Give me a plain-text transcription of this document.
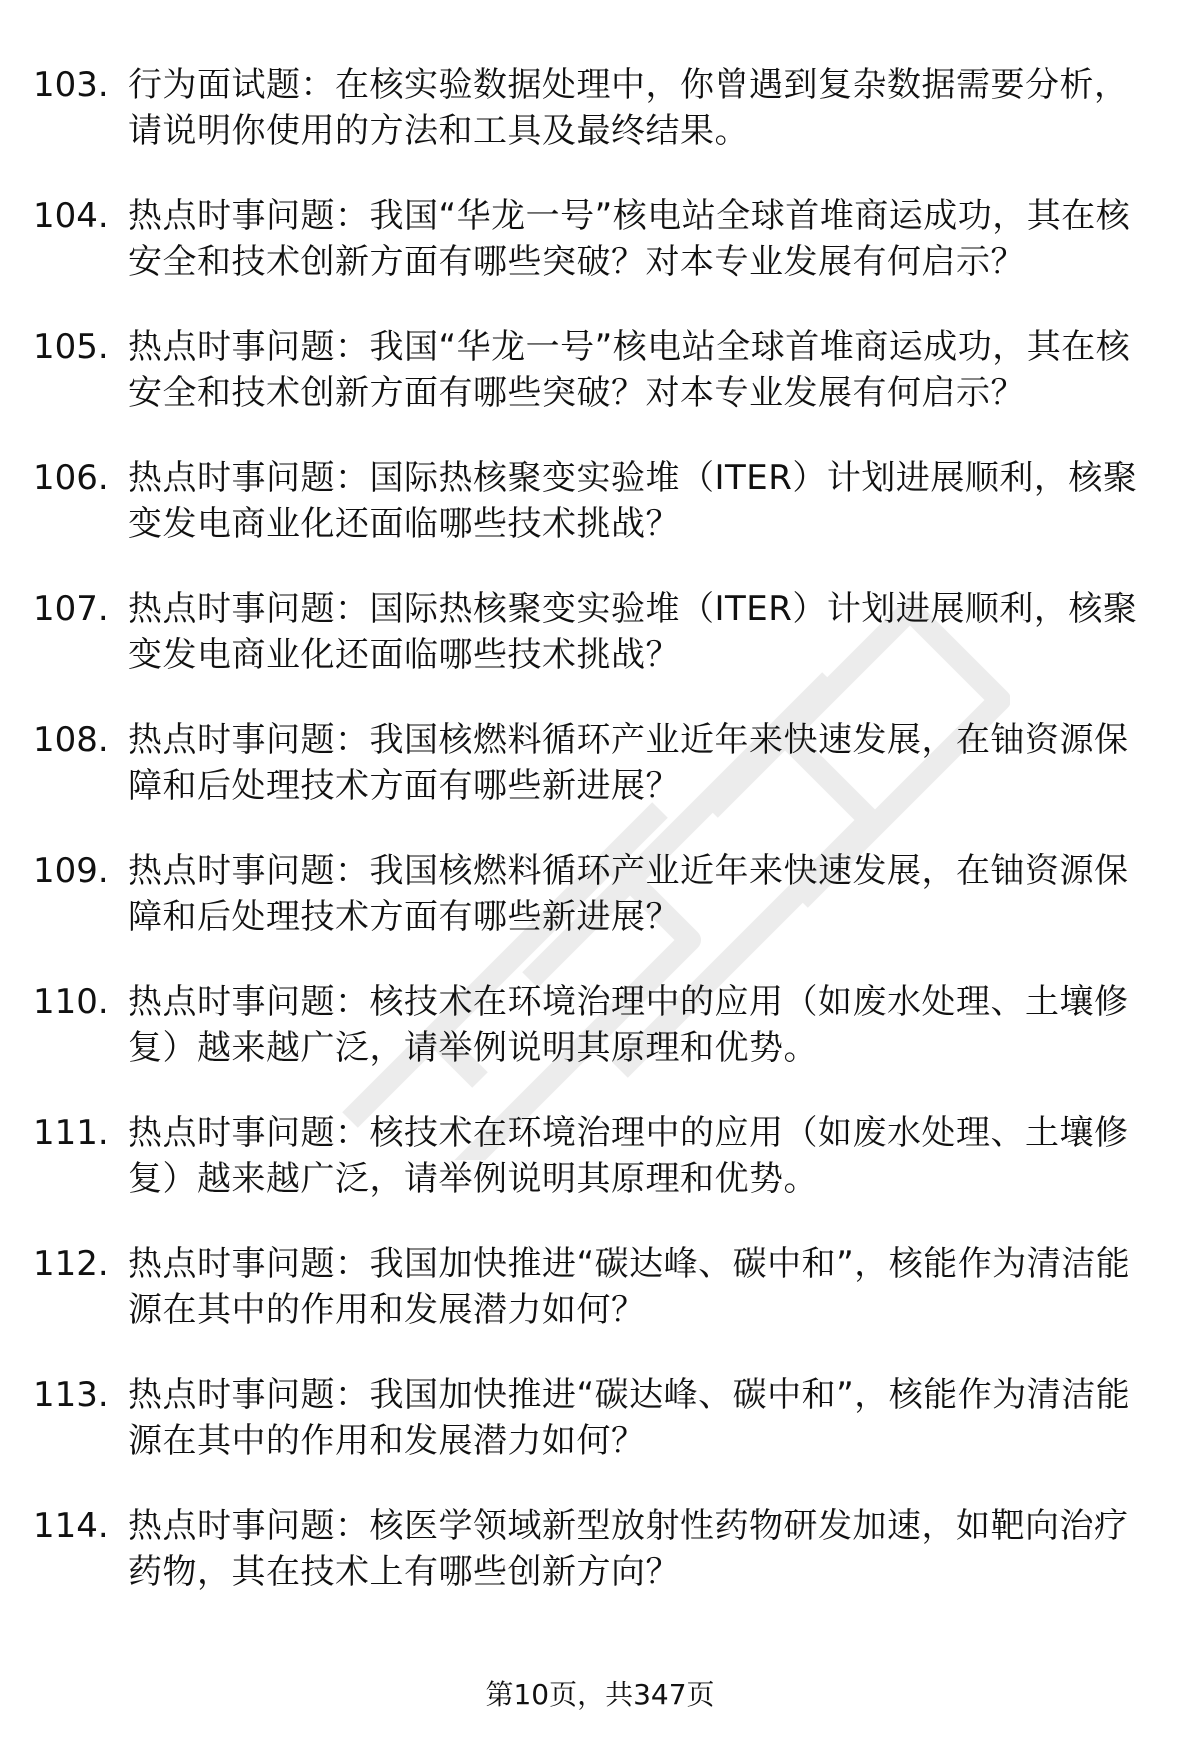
103. 行为面试题：在核实验数据处理中，你曾遇到复杂数据需要分析，请说明你使用的方法和工具及最终结果。
104. 热点时事问题：我国“华龙一号”核电站全球首堆商运成功，其在核安全和技术创新方面有哪些突破？对本专业发展有何启示？
105. 热点时事问题：我国“华龙一号”核电站全球首堆商运成功，其在核安全和技术创新方面有哪些突破？对本专业发展有何启示？
106. 热点时事问题：国际热核聚变实验堆（ITER）计划进展顺利，核聚变发电商业化还面临哪些技术挑战？
107. 热点时事问题：国际热核聚变实验堆（ITER）计划进展顺利，核聚变发电商业化还面临哪些技术挑战？
108. 热点时事问题：我国核燃料循环产业近年来快速发展，在铀资源保障和后处理技术方面有哪些新进展？
109. 热点时事问题：我国核燃料循环产业近年来快速发展，在铀资源保障和后处理技术方面有哪些新进展？
110. 热点时事问题：核技术在环境治理中的应用（如废水处理、土壤修复）越来越广泛，请举例说明其原理和优势。
111. 热点时事问题：核技术在环境治理中的应用（如废水处理、土壤修复）越来越广泛，请举例说明其原理和优势。
112. 热点时事问题：我国加快推进“碳达峰、碳中和”，核能作为清洁能源在其中的作用和发展潜力如何？
113. 热点时事问题：我国加快推进“碳达峰、碳中和”，核能作为清洁能源在其中的作用和发展潜力如何？
114. 热点时事问题：核医学领域新型放射性药物研发加速，如靶向治疗药物，其在技术上有哪些创新方向？
第10页，共347页
